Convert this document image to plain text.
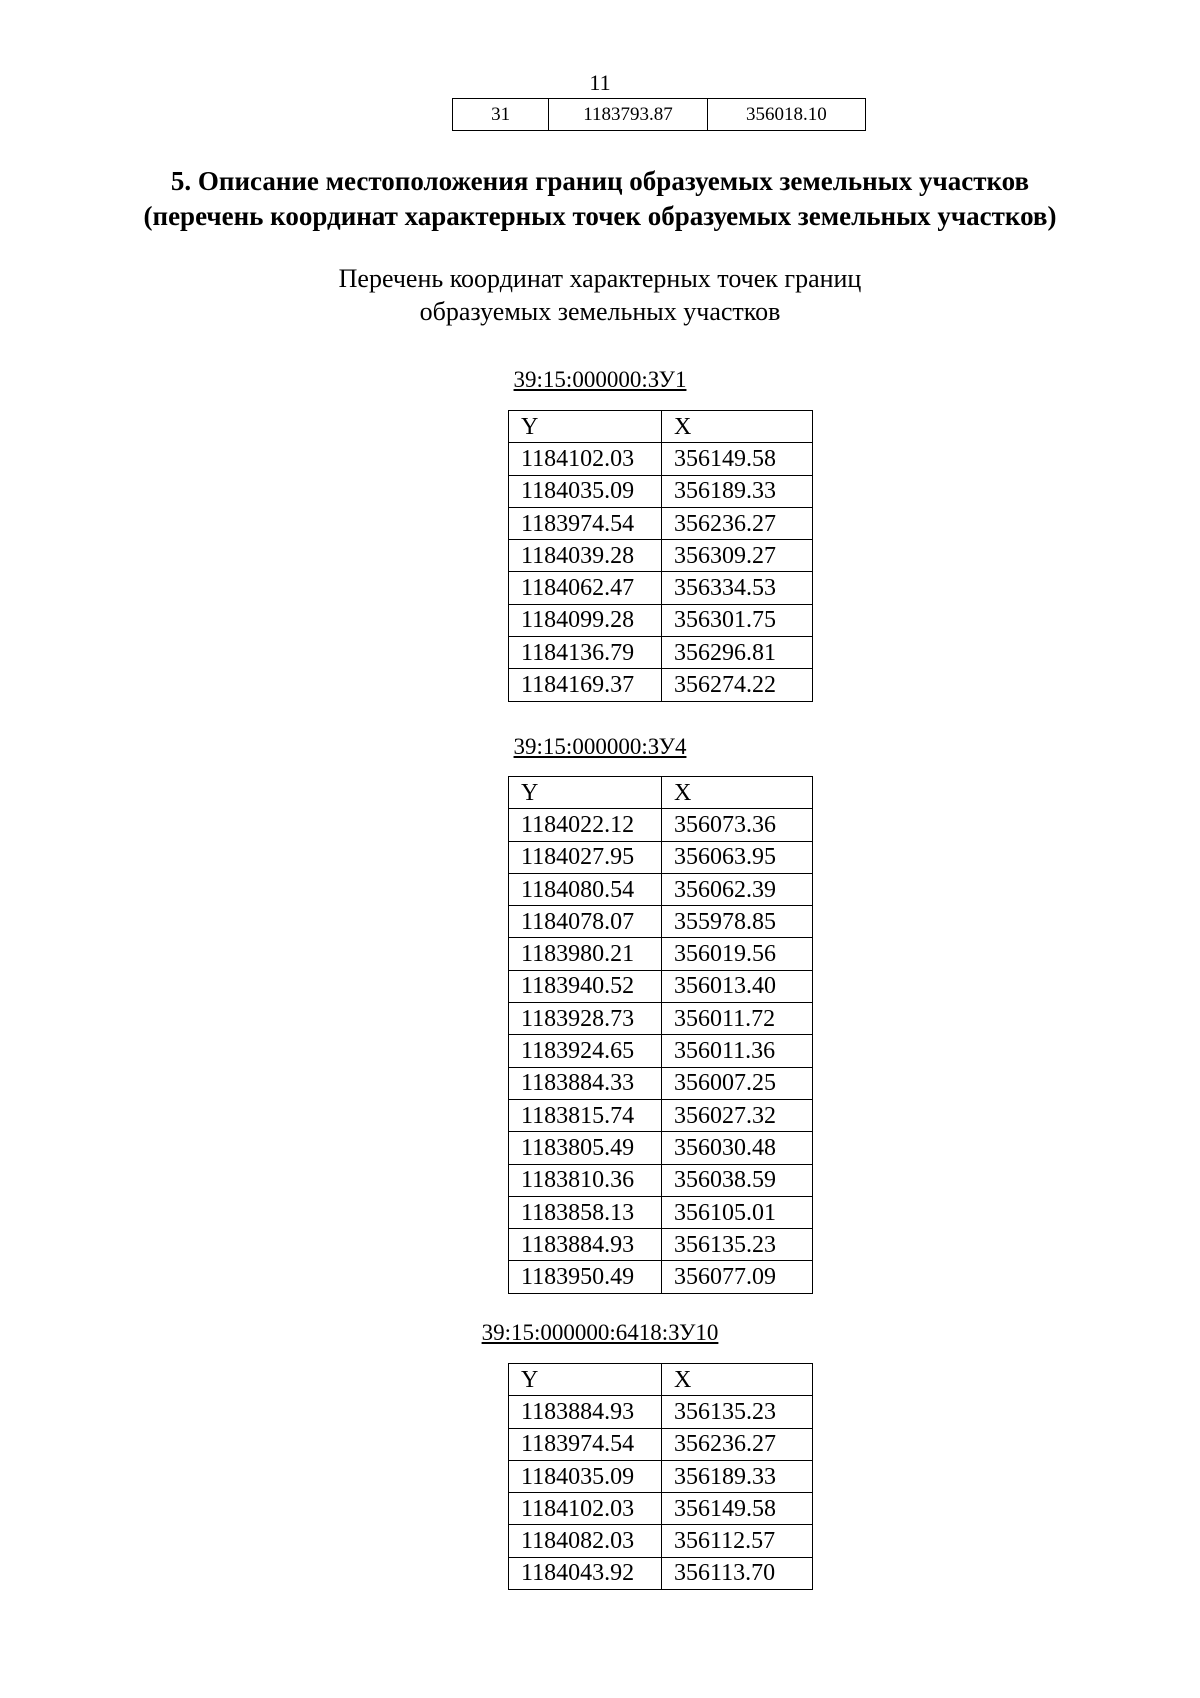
11
31	1183793.87	356018.10
5. Описание местоположения границ образуемых земельных участков
(перечень координат характерных точек образуемых земельных участков)
Перечень координат характерных точек границ
образуемых земельных участков
39:15:000000:ЗУ1
Y	X
1184102.03	356149.58
1184035.09	356189.33
1183974.54	356236.27
1184039.28	356309.27
1184062.47	356334.53
1184099.28	356301.75
1184136.79	356296.81
1184169.37	356274.22
39:15:000000:ЗУ4
Y	X
1184022.12	356073.36
1184027.95	356063.95
1184080.54	356062.39
1184078.07	355978.85
1183980.21	356019.56
1183940.52	356013.40
1183928.73	356011.72
1183924.65	356011.36
1183884.33	356007.25
1183815.74	356027.32
1183805.49	356030.48
1183810.36	356038.59
1183858.13	356105.01
1183884.93	356135.23
1183950.49	356077.09
39:15:000000:6418:ЗУ10
Y	X
1183884.93	356135.23
1183974.54	356236.27
1184035.09	356189.33
1184102.03	356149.58
1184082.03	356112.57
1184043.92	356113.70
